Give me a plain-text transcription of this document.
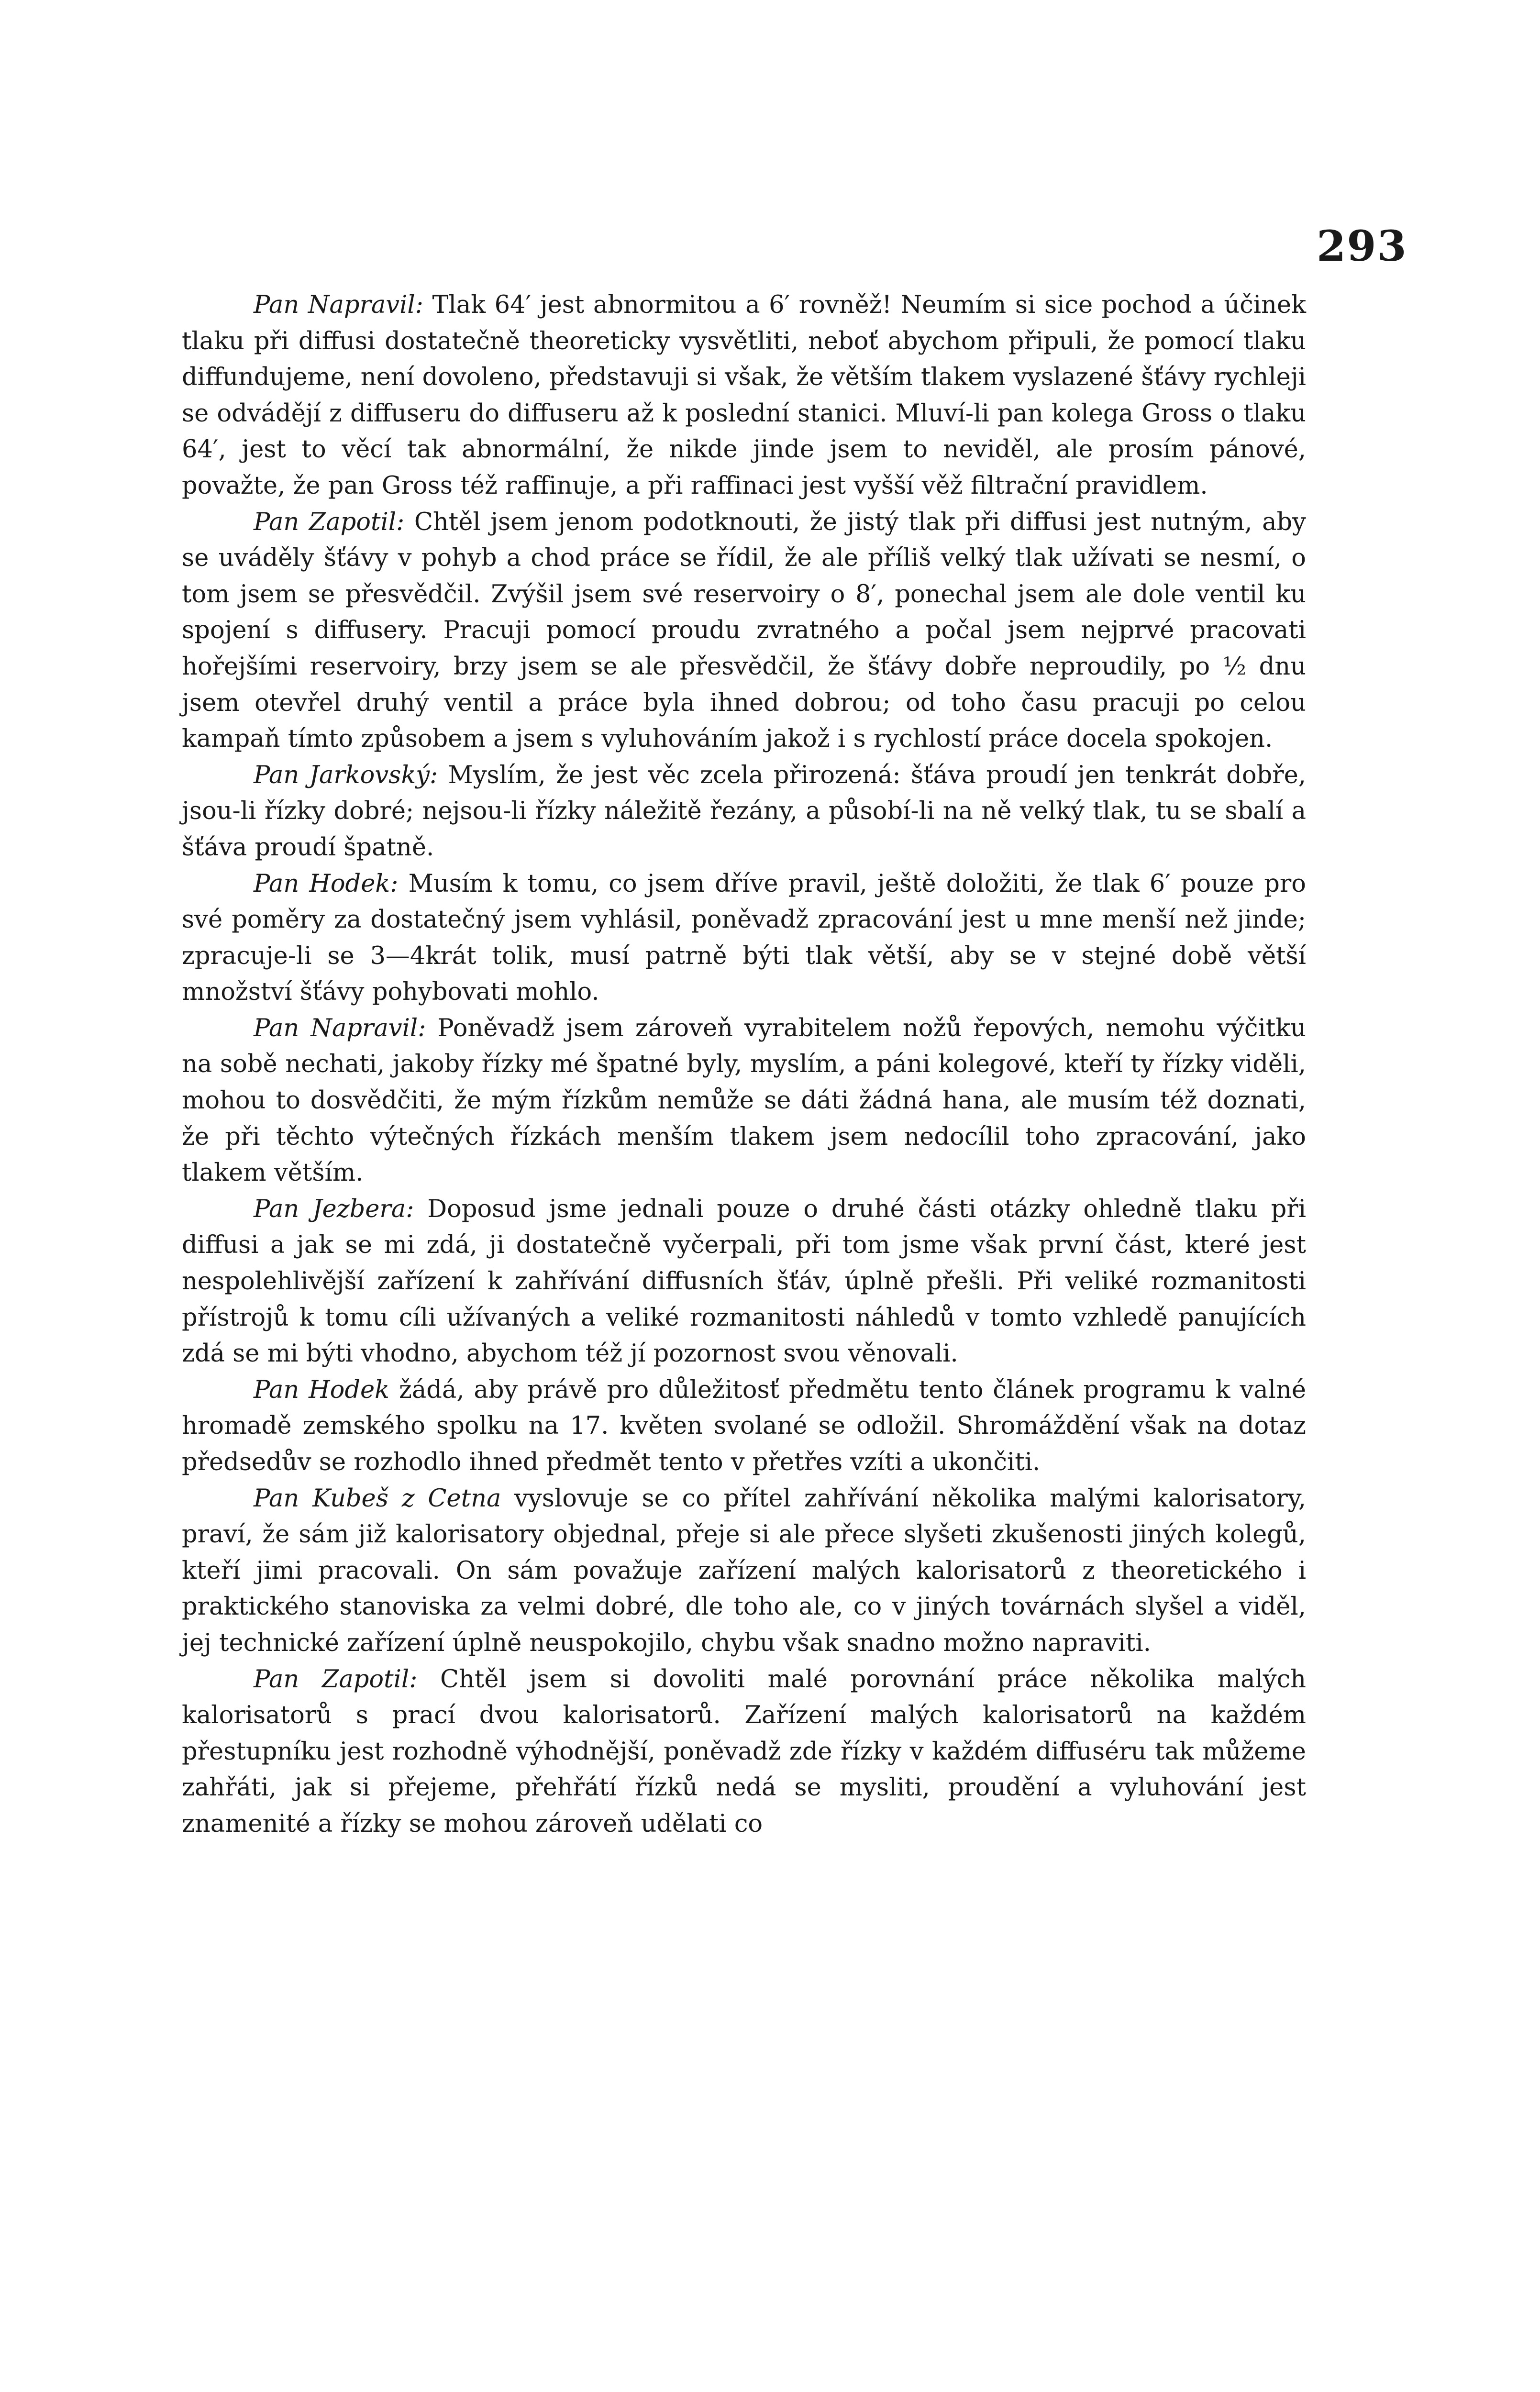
293

Pan Napravil: Tlak 64′ jest abnormitou a 6′ rovněž! Neumím si sice pochod a účinek tlaku při diffusi dostatečně theoreticky vysvětliti, neboť abychom připuli, že pomocí tlaku diffundujeme, není dovoleno, představuji si však, že větším tlakem vyslazené šťávy rychleji se odvádějí z diffuseru do diffuseru až k poslední stanici. Mluví-li pan kolega Gross o tlaku 64′, jest to věcí tak abnormální, že nikde jinde jsem to neviděl, ale prosím pánové, považte, že pan Gross též raffinuje, a při raffinaci jest vyšší věž filtrační pravidlem.

Pan Zapotil: Chtěl jsem jenom podotknouti, že jistý tlak při diffusi jest nutným, aby se uváděly šťávy v pohyb a chod práce se řídil, že ale příliš velký tlak užívati se nesmí, o tom jsem se přesvědčil. Zvýšil jsem své reservoiry o 8′, ponechal jsem ale dole ventil ku spojení s diffusery. Pracuji pomocí proudu zvratného a počal jsem nejprvé pracovati hořejšími reservoiry, brzy jsem se ale přesvědčil, že šťávy dobře neproudily, po ½ dnu jsem otevřel druhý ventil a práce byla ihned dobrou; od toho času pracuji po celou kampaň tímto způsobem a jsem s vyluhováním jakož i s rychlostí práce docela spokojen.

Pan Jarkovský: Myslím, že jest věc zcela přirozená: šťáva proudí jen tenkrát dobře, jsou-li řízky dobré; nejsou-li řízky náležitě řezány, a působí-li na ně velký tlak, tu se sbalí a šťáva proudí špatně.

Pan Hodek: Musím k tomu, co jsem dříve pravil, ještě doložiti, že tlak 6′ pouze pro své poměry za dostatečný jsem vyhlásil, poněvadž zpracování jest u mne menší než jinde; zpracuje-li se 3—4krát tolik, musí patrně býti tlak větší, aby se v stejné době větší množství šťávy pohybovati mohlo.

Pan Napravil: Poněvadž jsem zároveň vyrabitelem nožů řepových, nemohu výčitku na sobě nechati, jakoby řízky mé špatné byly, myslím, a páni kolegové, kteří ty řízky viděli, mohou to dosvědčiti, že mým řízkům nemůže se dáti žádná hana, ale musím též doznati, že při těchto výtečných řízkách menším tlakem jsem nedocílil toho zpracování, jako tlakem větším.

Pan Jezbera: Doposud jsme jednali pouze o druhé části otázky ohledně tlaku při diffusi a jak se mi zdá, ji dostatečně vyčerpali, při tom jsme však první část, které jest nespolehlivější zařízení k zahřívání diffusních šťáv, úplně přešli. Při veliké rozmanitosti přístrojů k tomu cíli užívaných a veliké rozmanitosti náhledů v tomto vzhledě panujících zdá se mi býti vhodno, abychom též jí pozornost svou věnovali.

Pan Hodek žádá, aby právě pro důležitosť předmětu tento článek programu k valné hromadě zemského spolku na 17. květen svolané se odložil. Shromáždění však na dotaz předsedův se rozhodlo ihned předmět tento v přetřes vzíti a ukončiti.

Pan Kubeš z Cetna vyslovuje se co přítel zahřívání několika malými kalorisatory, praví, že sám již kalorisatory objednal, přeje si ale přece slyšeti zkušenosti jiných kolegů, kteří jimi pracovali. On sám považuje zařízení malých kalorisatorů z theoretického i praktického stanoviska za velmi dobré, dle toho ale, co v jiných továrnách slyšel a viděl, jej technické zařízení úplně neuspokojilo, chybu však snadno možno napraviti.

Pan Zapotil: Chtěl jsem si dovoliti malé porovnání práce několika malých kalorisatorů s prací dvou kalorisatorů. Zařízení malých kalorisatorů na každém přestupníku jest rozhodně výhodnější, poněvadž zde řízky v každém diffuséru tak můžeme zahřáti, jak si přejeme, přehřátí řízků nedá se mysliti, proudění a vyluhování jest znamenité a řízky se mohou zároveň udělati co
